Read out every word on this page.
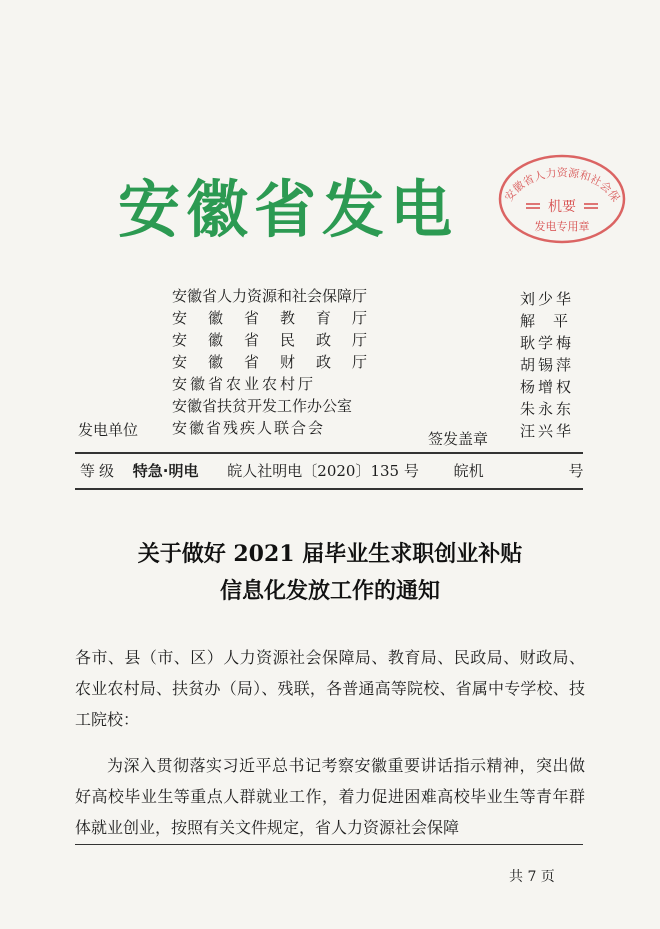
安徽省发电	安徽省人力资源和社会保
机要
发电专用章
安徽省人力资源和社会保障厅
安徽省教育厅
安徽省民政厅
安徽省财政厅
安徽省农业农村厅
安徽省扶贫开发工作办公室
安徽省残疾人联合会
发电单位	签发盖章
刘少华
解平
耿学梅
胡锡萍
杨增权
朱永东
汪兴华
等级 特急·明电 皖人社明电〔2020〕135 号 皖机	号
关于做好 2021 届毕业生求职创业补贴
信息化发放工作的通知
各市、县（市、区）人力资源社会保障局、教育局、民政局、财政局、农业农村局、扶贫办（局）、残联，各普通高等院校、省属中专学校、技工院校：
为深入贯彻落实习近平总书记考察安徽重要讲话指示精神，突出做好高校毕业生等重点人群就业工作，着力促进困难高校毕业生等青年群体就业创业，按照有关文件规定，省人力资源社会保障
共 7 页
